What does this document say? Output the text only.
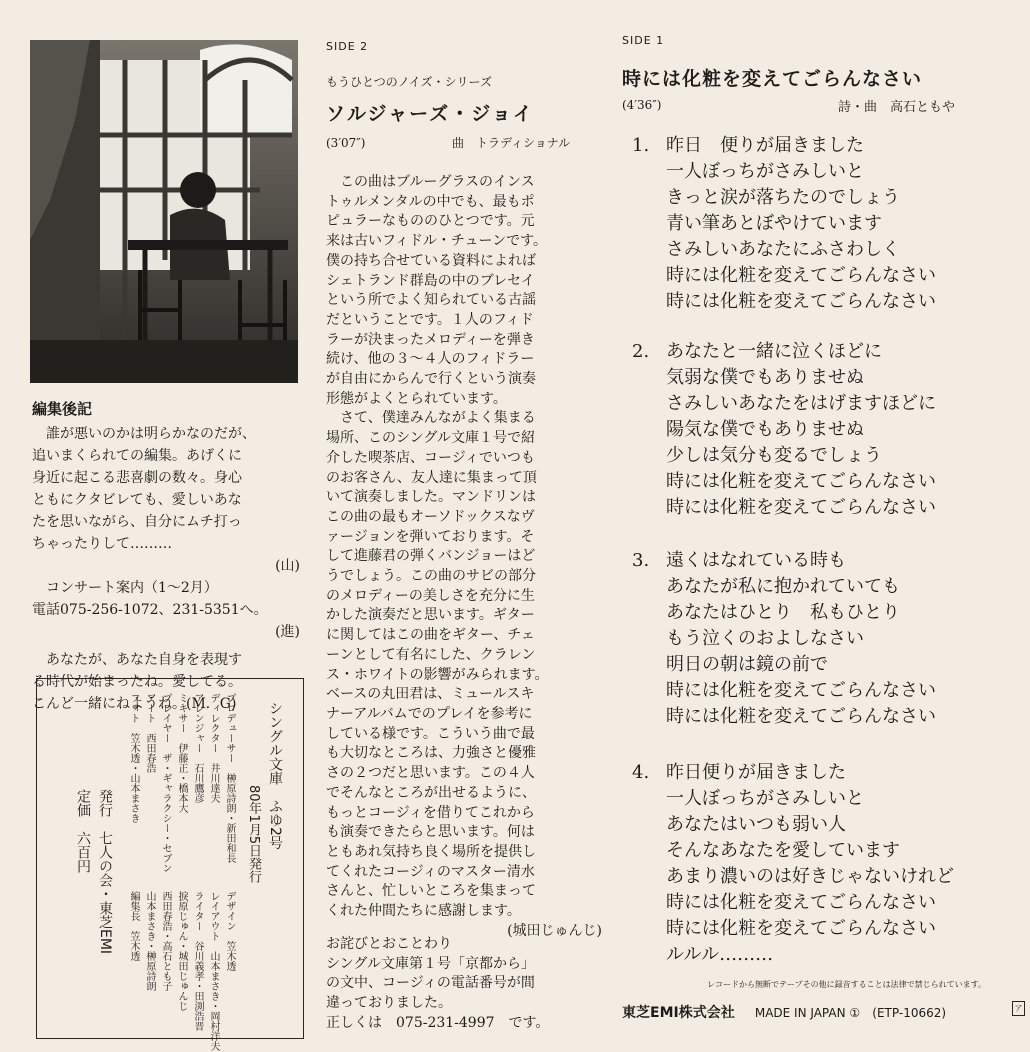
編集後記
　誰が悪いのかは明らかなのだが、
追いまくられての編集。あげくに
身近に起こる悲喜劇の数々。身心
ともにクタビレても、愛しいあな
たを思いながら、自分にムチ打っ
ちゃったりして………
(山)
　コンサート案内（1～2月）
電話075-256-1072、231-5351へ。
(進)
　あなたが、あなた自身を表現す
る時代が始まったね。愛してる。
こんど一緒にねようね。(M．G)	シングル文庫　ふゆ2号
80年1月5日発行
プロデューサー　榊原詩朗・新田和長
ディレクター　井川達夫
アレンジャー　石川鷹彦
ミキサー　伊藤正・橋本大
プレイヤー　ザ・ギャラクシー・セブン
アート　西田春浩
フォト　笠木透・山本まさき
デザイン　笠木透
レイアウト　山本まさき・岡村洋夫
ライター　谷川義孝・田渕浩晋
捩原じゅん・城田じゅんじ
西田春浩・高石とも子
山本まさき・榊原詩朗
編集長　笠木透
発行　七人の会・東芝EMI
定価　六百円
SIDE 2
もうひとつのノイズ・シリーズ
ソルジャーズ・ジョイ
(3′07″)	曲　トラディショナル
　この曲はブルーグラスのインス
トゥルメンタルの中でも、最もポ
ピュラーなもののひとつです。元
来は古いフィドル・チューンです。
僕の持ち合せている資料によれば
シェトランド群島の中のブレセイ
という所でよく知られている古謡
だということです。１人のフィド
ラーが決まったメロディーを弾き
続け、他の３～４人のフィドラー
が自由にからんで行くという演奏
形態がよくとられています。
　さて、僕達みんながよく集まる
場所、このシングル文庫１号で紹
介した喫茶店、コージィでいつも
のお客さん、友人達に集まって頂
いて演奏しました。マンドリンは
この曲の最もオーソドックスなヴ
ァージョンを弾いております。そ
して進藤君の弾くバンジョーはど
うでしょう。この曲のサビの部分
のメロディーの美しさを充分に生
かした演奏だと思います。ギター
に関してはこの曲をギター、チェ
ーンとして有名にした、クラレン
ス・ホワイトの影響がみられます。
ベースの丸田君は、ミュールスキ
ナーアルバムでのプレイを参考に
している様です。こういう曲で最
も大切なところは、力強さと優雅
さの２つだと思います。この４人
でそんなところが出せるように、
もっとコージィを借りてこれから
も演奏できたらと思います。何は
ともあれ気持ち良く場所を提供し
てくれたコージィのマスター清水
さんと、忙しいところを集まって
くれた仲間たちに感謝します。
(城田じゅんじ)
お詫びとおことわり
シングル文庫第１号「京都から」
の文中、コージィの電話番号が間
違っておりました。
正しくは　075-231-4997　です。
SIDE 1
時には化粧を変えてごらんなさい
(4′36″)	詩・曲　高石ともや
1. 昨日　便りが届きました
一人ぼっちがさみしいと
きっと涙が落ちたのでしょう
青い筆あとぼやけています
さみしいあなたにふさわしく
時には化粧を変えてごらんなさい
時には化粧を変えてごらんなさい
2. あなたと一緒に泣くほどに
気弱な僕でもありませぬ
さみしいあなたをはげますほどに
陽気な僕でもありませぬ
少しは気分も変るでしょう
時には化粧を変えてごらんなさい
時には化粧を変えてごらんなさい
3. 遠くはなれている時も
あなたが私に抱かれていても
あなたはひとり　私もひとり
もう泣くのおよしなさい
明日の朝は鏡の前で
時には化粧を変えてごらんなさい
時には化粧を変えてごらんなさい
4. 昨日便りが届きました
一人ぼっちがさみしいと
あなたはいつも弱い人
そんなあなたを愛しています
あまり濃いのは好きじゃないけれど
時には化粧を変えてごらんなさい
時には化粧を変えてごらんなさい
ルルル………
レコードから無断でテープその他に録音することは法律で禁じられています。
東芝EMI株式会社 MADE IN JAPAN ① (ETP-10662)	ア
